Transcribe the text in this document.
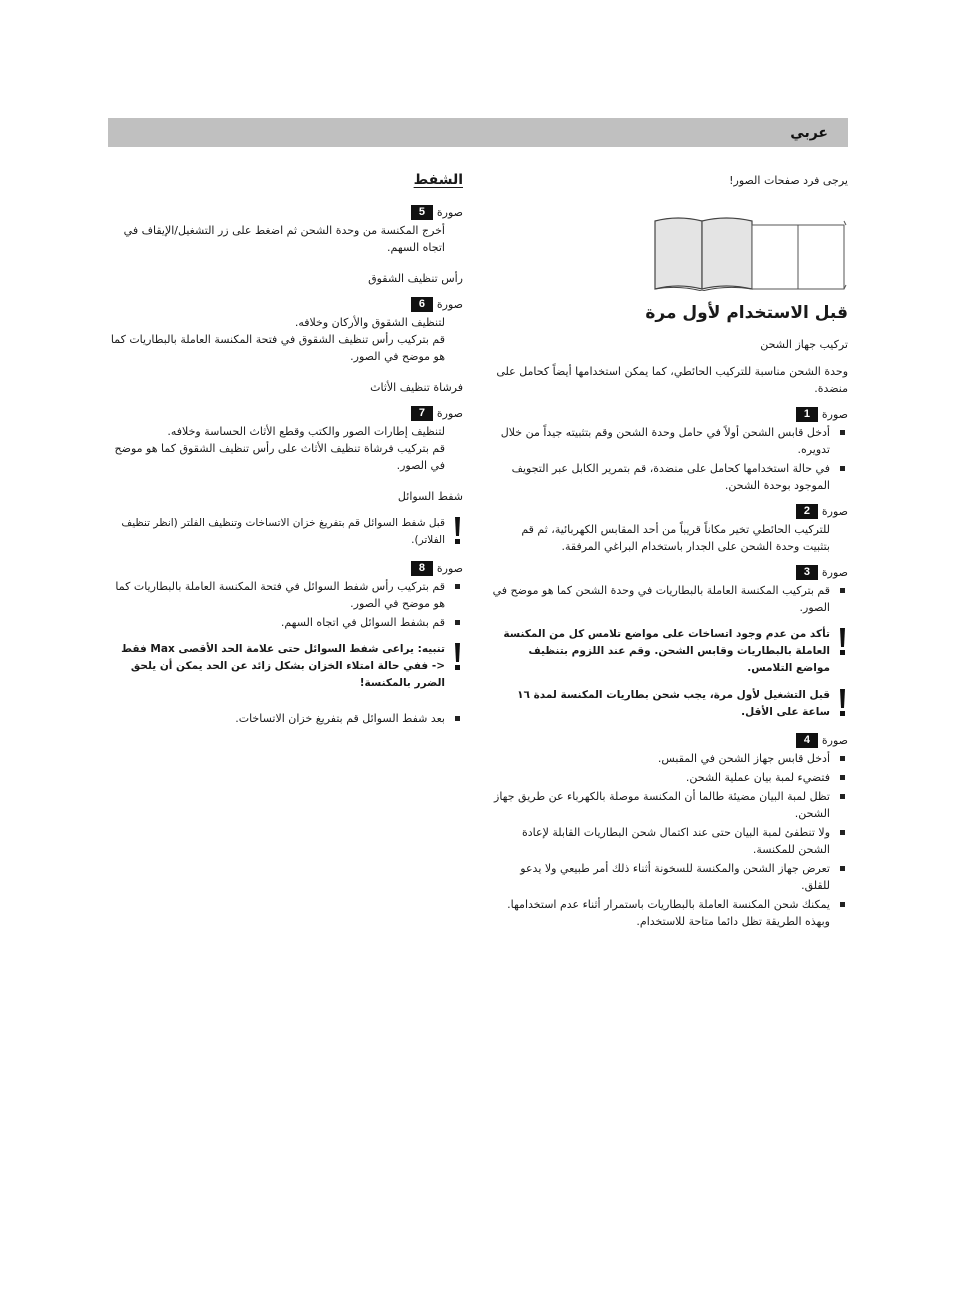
عربي
يرجى فرد صفحات الصور!
قبل الاستخدام لأول مرة
تركيب جهاز الشحن
وحدة الشحن مناسبة للتركيب الحائطي، كما يمكن استخدامها أيضاً كحامل على منضدة.
صورة
1
أدخل قابس الشحن أولاً في حامل وحدة الشحن وقم بتثبيته جيداً من خلال تدويره.
في حالة استخدامها كحامل على منضدة، قم بتمرير الكابل عبر التجويف الموجود بوحدة الشحن.
صورة
2
للتركيب الحائطي تخير مكاناً قريباً من أحد المقابس الكهربائية، ثم قم بتثبيت وحدة الشحن على الجدار باستخدام البراغي المرفقة.
صورة
3
قم بتركيب المكنسة العاملة بالبطاريات في وحدة الشحن كما هو موضح في الصور.
تأكد من عدم وجود اتساخات على مواضع تلامس كل من المكنسة العاملة بالبطاريات وقابس الشحن. وقم عند اللزوم بتنظيف مواضع التلامس.
قبل التشغيل لأول مرة، يجب شحن بطاريات المكنسة لمدة ١٦ ساعة على الأقل.
صورة
4
أدخل قابس جهاز الشحن في المقبس.
فتضيء لمبة بيان عملية الشحن.
تظل لمبة البيان مضيئة طالما أن المكنسة موصلة بالكهرباء عن طريق جهاز الشحن.
ولا تنطفئ لمبة البيان حتى عند اكتمال شحن البطاريات القابلة لإعادة الشحن للمكنسة.
تعرض جهاز الشحن والمكنسة للسخونة أثناء ذلك أمر طبيعي ولا يدعو للقلق.
يمكنك شحن المكنسة العاملة بالبطاريات باستمرار أثناء عدم استخدامها. وبهذه الطريقة تظل دائما متاحة للاستخدام.
الشفط
صورة
5
أخرج المكنسة من وحدة الشحن ثم اضغط على زر التشغيل/الإيقاف في اتجاه السهم.
رأس تنظيف الشقوق
صورة
6
لتنظيف الشقوق والأركان وخلافه.
قم بتركيب رأس تنظيف الشقوق في فتحة المكنسة العاملة بالبطاريات كما هو موضح في الصور.
فرشاة تنظيف الأثاث
صورة
7
لتنظيف إطارات الصور والكتب وقطع الأثاث الحساسة وخلافه.
قم بتركيب فرشاة تنظيف الأثاث على رأس تنظيف الشقوق كما هو موضح في الصور.
شفط السوائل
قبل شفط السوائل قم بتفريغ خزان الاتساخات وتنظيف الفلتر (انظر تنظيف الفلاتر).
صورة
8
قم بتركيب رأس شفط السوائل في فتحة المكنسة العاملة بالبطاريات كما هو موضح في الصور.
قم بشفط السوائل في اتجاه السهم.
تنبيه: يراعى شفط السوائل حتى علامة الحد الأقصى Max فقط <- ففي حالة امتلاء الخزان بشكل زائد عن الحد يمكن أن يلحق الضرر بالمكنسة!
بعد شفط السوائل قم بتفريغ خزان الاتساخات.
